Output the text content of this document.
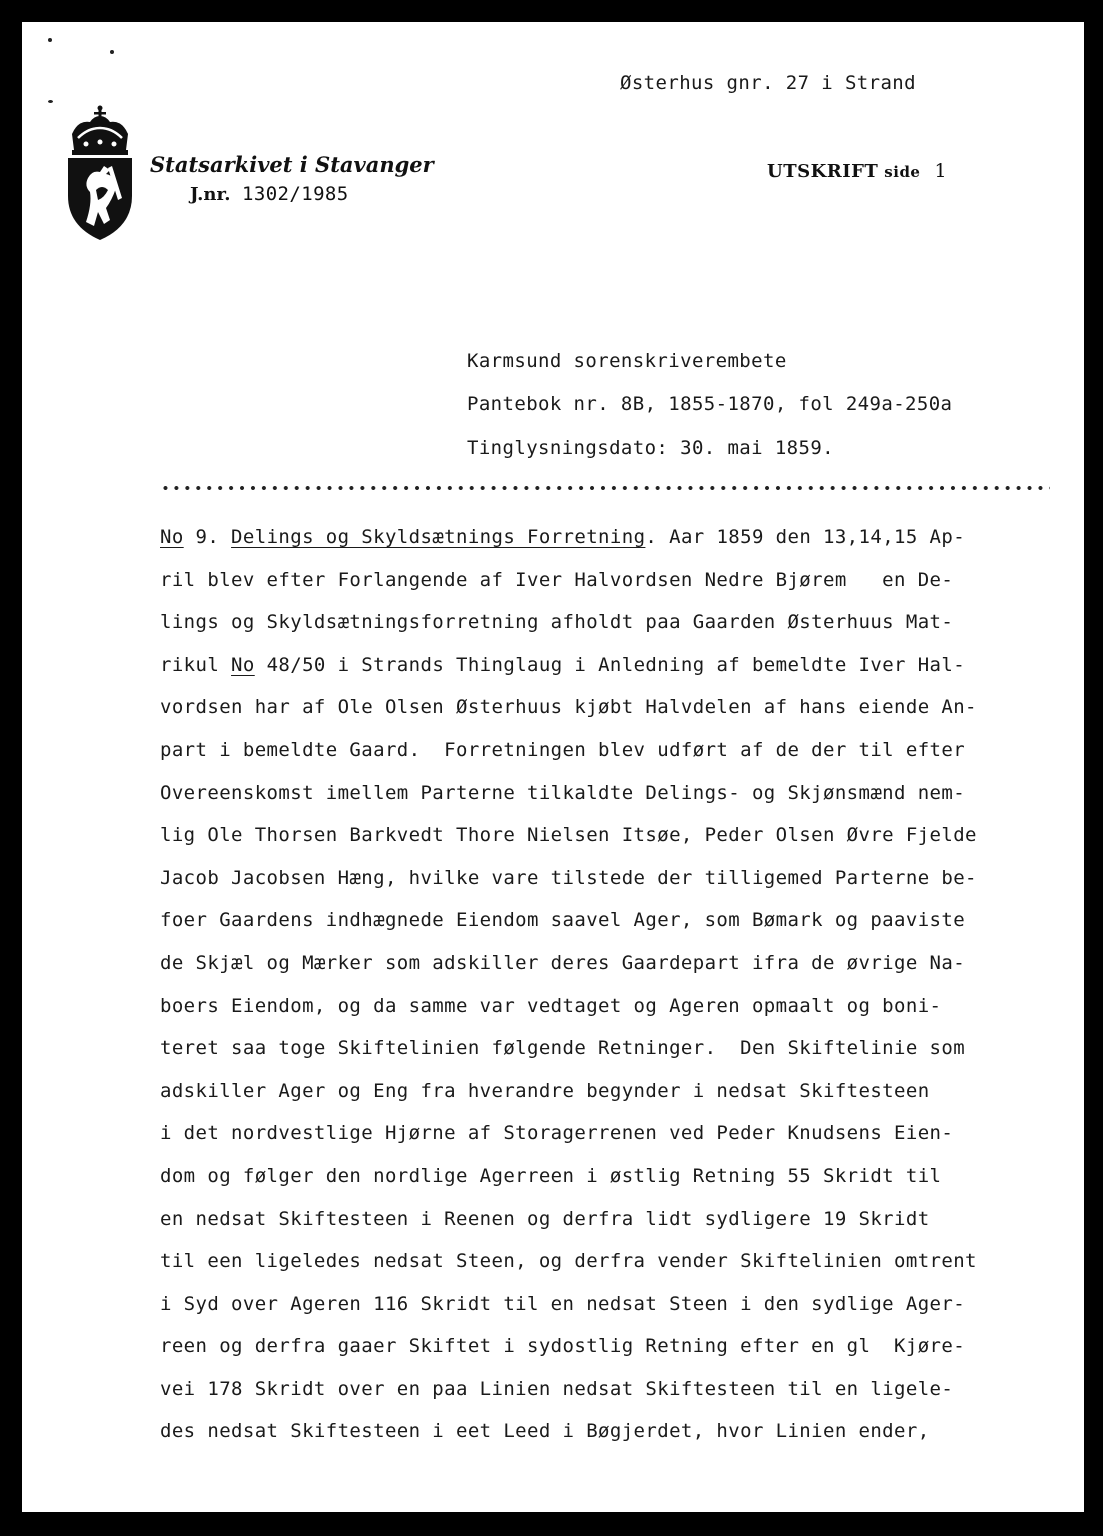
Østerhus gnr. 27 i Strand

Statsarkivet i Stavanger
J.nr. 1302/1985
UTSKRIFT side 1

Karmsund sorenskriverembete

Pantebok nr. 8B, 1855-1870, fol 249a-250a

Tinglysningsdato: 30. mai 1859.

No 9. Delings og Skyldsætnings Forretning. Aar 1859 den 13,14,15 Ap-
ril blev efter Forlangende af Iver Halvordsen Nedre Bjørem   en De-
lings og Skyldsætningsforretning afholdt paa Gaarden Østerhuus Mat-
rikul No 48/50 i Strands Thinglaug i Anledning af bemeldte Iver Hal-
vordsen har af Ole Olsen Østerhuus kjøbt Halvdelen af hans eiende An-
part i bemeldte Gaard.  Forretningen blev udført af de der til efter
Overeenskomst imellem Parterne tilkaldte Delings- og Skjønsmænd nem-
lig Ole Thorsen Barkvedt Thore Nielsen Itsøe, Peder Olsen Øvre Fjelde
Jacob Jacobsen Hæng, hvilke vare tilstede der tilligemed Parterne be-
foer Gaardens indhægnede Eiendom saavel Ager, som Bømark og paaviste
de Skjæl og Mærker som adskiller deres Gaardepart ifra de øvrige Na-
boers Eiendom, og da samme var vedtaget og Ageren opmaalt og boni-
teret saa toge Skiftelinien følgende Retninger.  Den Skiftelinie som
adskiller Ager og Eng fra hverandre begynder i nedsat Skiftesteen
i det nordvestlige Hjørne af Storagerrenen ved Peder Knudsens Eien-
dom og følger den nordlige Agerreen i østlig Retning 55 Skridt til
en nedsat Skiftesteen i Reenen og derfra lidt sydligere 19 Skridt
til een ligeledes nedsat Steen, og derfra vender Skiftelinien omtrent
i Syd over Ageren 116 Skridt til en nedsat Steen i den sydlige Ager-
reen og derfra gaaer Skiftet i sydostlig Retning efter en gl  Kjøre-
vei 178 Skridt over en paa Linien nedsat Skiftesteen til en ligele-
des nedsat Skiftesteen i eet Leed i Bøgjerdet, hvor Linien ender,
